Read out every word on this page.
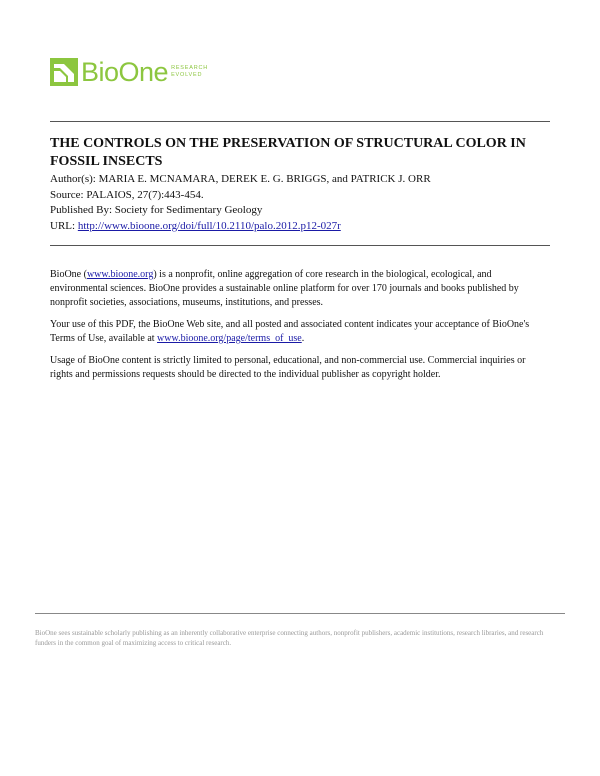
BioOne RESEARCH
EVOLVED
THE CONTROLS ON THE PRESERVATION OF STRUCTURAL COLOR IN FOSSIL INSECTS
Author(s): MARIA E. MCNAMARA, DEREK E. G. BRIGGS, and PATRICK J. ORR
Source: PALAIOS, 27(7):443-454.
Published By: Society for Sedimentary Geology
URL: http://www.bioone.org/doi/full/10.2110/palo.2012.p12-027r

BioOne (www.bioone.org) is a nonprofit, online aggregation of core research in the biological, ecological, and environmental sciences. BioOne provides a sustainable online platform for over 170 journals and books published by nonprofit societies, associations, museums, institutions, and presses.

Your use of this PDF, the BioOne Web site, and all posted and associated content indicates your acceptance of BioOne's Terms of Use, available at www.bioone.org/page/terms_of_use.

Usage of BioOne content is strictly limited to personal, educational, and non-commercial use. Commercial inquiries or rights and permissions requests should be directed to the individual publisher as copyright holder.

BioOne sees sustainable scholarly publishing as an inherently collaborative enterprise connecting authors, nonprofit publishers, academic institutions, research libraries, and research funders in the common goal of maximizing access to critical research.
